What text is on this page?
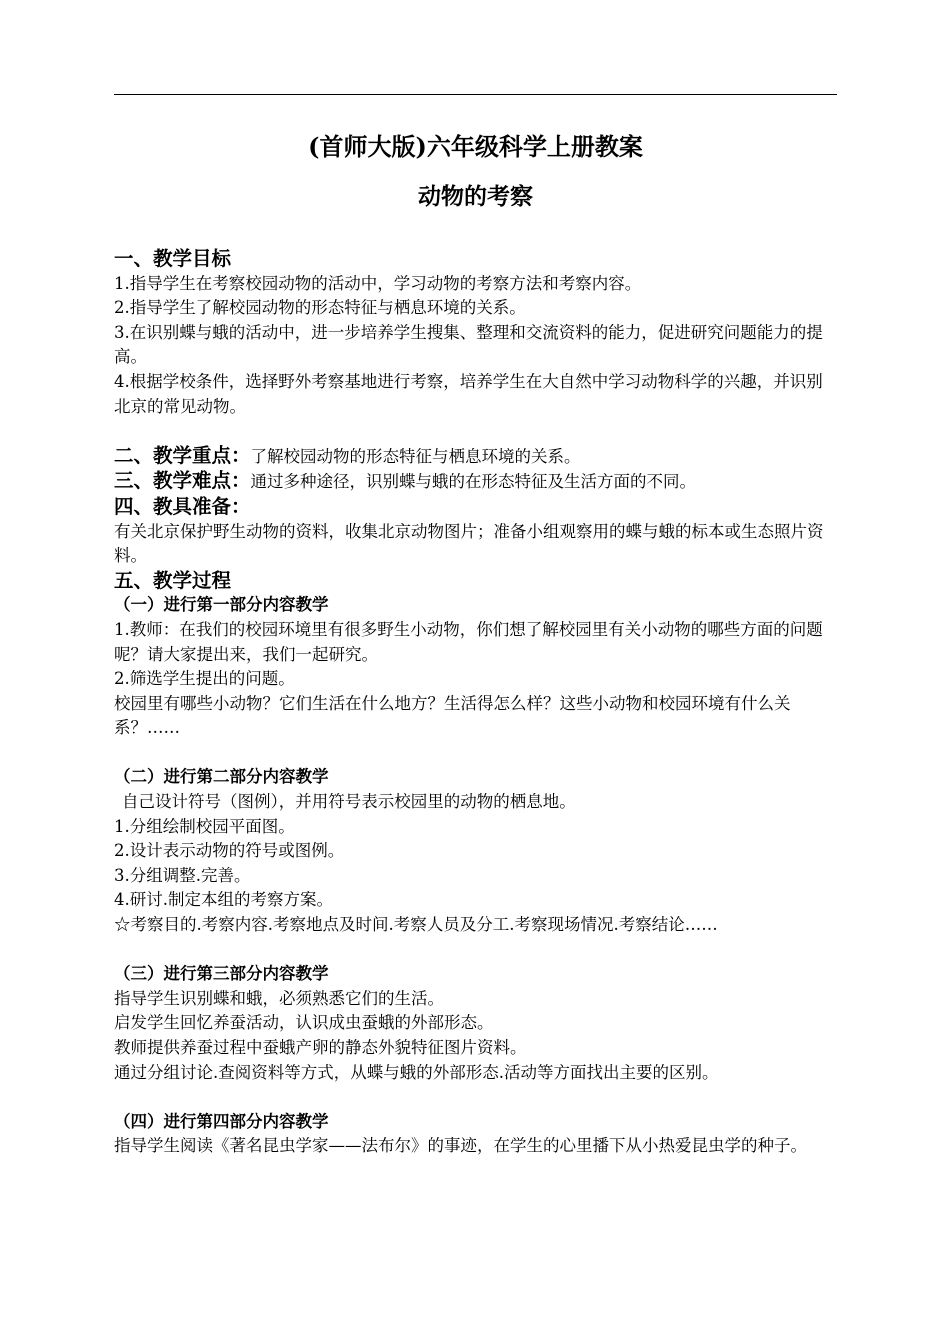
(首师大版)六年级科学上册教案
动物的考察
一、教学目标

1.指导学生在考察校园动物的活动中，学习动物的考察方法和考察内容。

2.指导学生了解校园动物的形态特征与栖息环境的关系。

3.在识别蝶与蛾的活动中，进一步培养学生搜集、整理和交流资料的能力，促进研究问题能力的提高。

4.根据学校条件，选择野外考察基地进行考察，培养学生在大自然中学习动物科学的兴趣，并识别北京的常见动物。

二、教学重点：了解校园动物的形态特征与栖息环境的关系。
三、教学难点：通过多种途径，识别蝶与蛾的在形态特征及生活方面的不同。
四、教具准备：

有关北京保护野生动物的资料，收集北京动物图片；准备小组观察用的蝶与蛾的标本或生态照片资料。

五、教学过程
（一）进行第一部分内容教学

1.教师：在我们的校园环境里有很多野生小动物，你们想了解校园里有关小动物的哪些方面的问题呢？请大家提出来，我们一起研究。

2.筛选学生提出的问题。

校园里有哪些小动物？它们生活在什么地方？生活得怎么样？这些小动物和校园环境有什么关系？……

（二）进行第二部分内容教学

自己设计符号（图例），并用符号表示校园里的动物的栖息地。

1.分组绘制校园平面图。

2.设计表示动物的符号或图例。

3.分组调整.完善。

4.研讨.制定本组的考察方案。

☆考察目的.考察内容.考察地点及时间.考察人员及分工.考察现场情况.考察结论……

（三）进行第三部分内容教学

指导学生识别蝶和蛾，必须熟悉它们的生活。

启发学生回忆养蚕活动，认识成虫蚕蛾的外部形态。

教师提供养蚕过程中蚕蛾产卵的静态外貌特征图片资料。

通过分组讨论.查阅资料等方式，从蝶与蛾的外部形态.活动等方面找出主要的区别。

（四）进行第四部分内容教学

指导学生阅读《著名昆虫学家——法布尔》的事迹，在学生的心里播下从小热爱昆虫学的种子。
